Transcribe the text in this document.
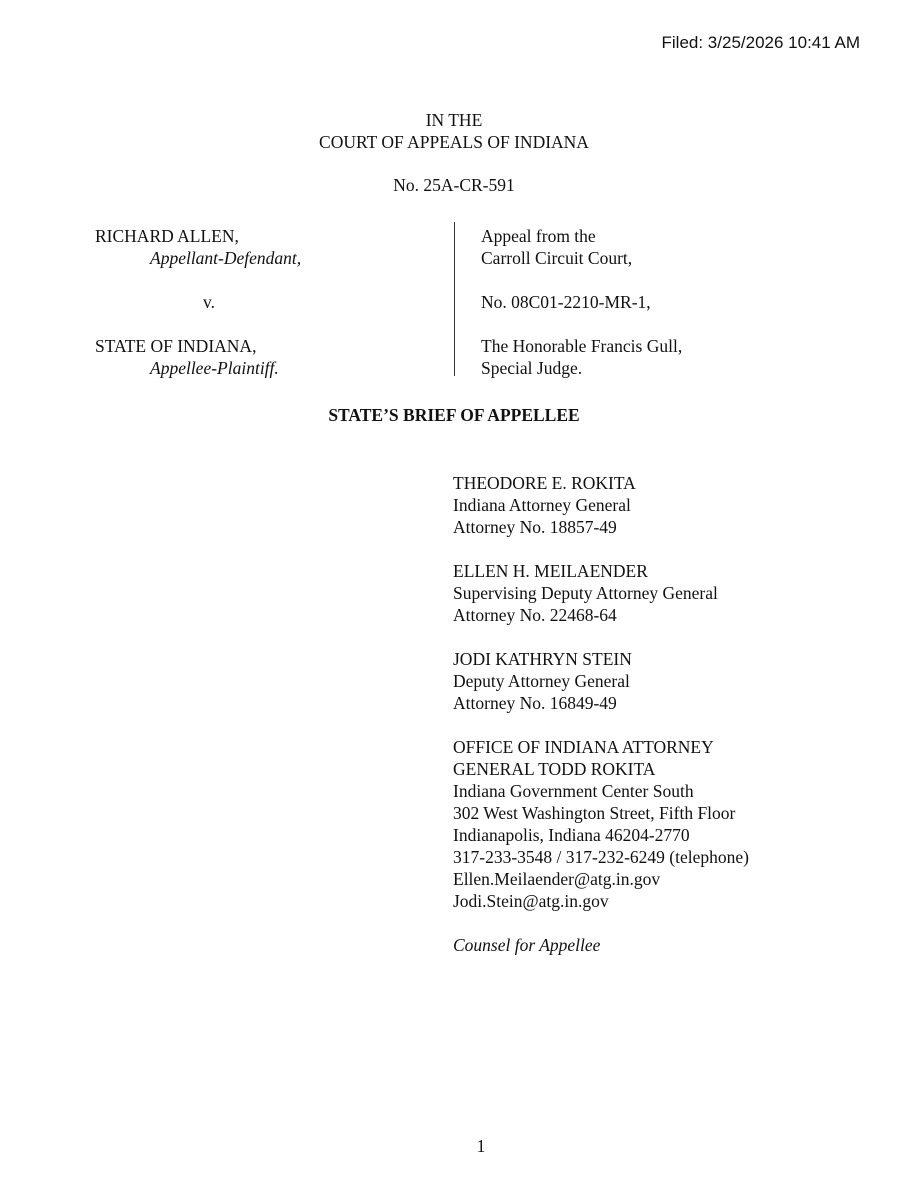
Filed: 3/25/2026 10:41 AM
IN THE
COURT OF APPEALS OF INDIANA
No. 25A-CR-591
RICHARD ALLEN,
Appellant-Defendant,
v.
STATE OF INDIANA,
Appellee-Plaintiff.
Appeal from the
Carroll Circuit Court,
No. 08C01-2210-MR-1,
The Honorable Francis Gull,
Special Judge.
STATE’S BRIEF OF APPELLEE
THEODORE E. ROKITA
Indiana Attorney General
Attorney No. 18857-49
ELLEN H. MEILAENDER
Supervising Deputy Attorney General
Attorney No. 22468-64
JODI KATHRYN STEIN
Deputy Attorney General
Attorney No. 16849-49
OFFICE OF INDIANA ATTORNEY
GENERAL TODD ROKITA
Indiana Government Center South
302 West Washington Street, Fifth Floor
Indianapolis, Indiana 46204-2770
317-233-3548 / 317-232-6249 (telephone)
Ellen.Meilaender@atg.in.gov
Jodi.Stein@atg.in.gov
Counsel for Appellee
1
